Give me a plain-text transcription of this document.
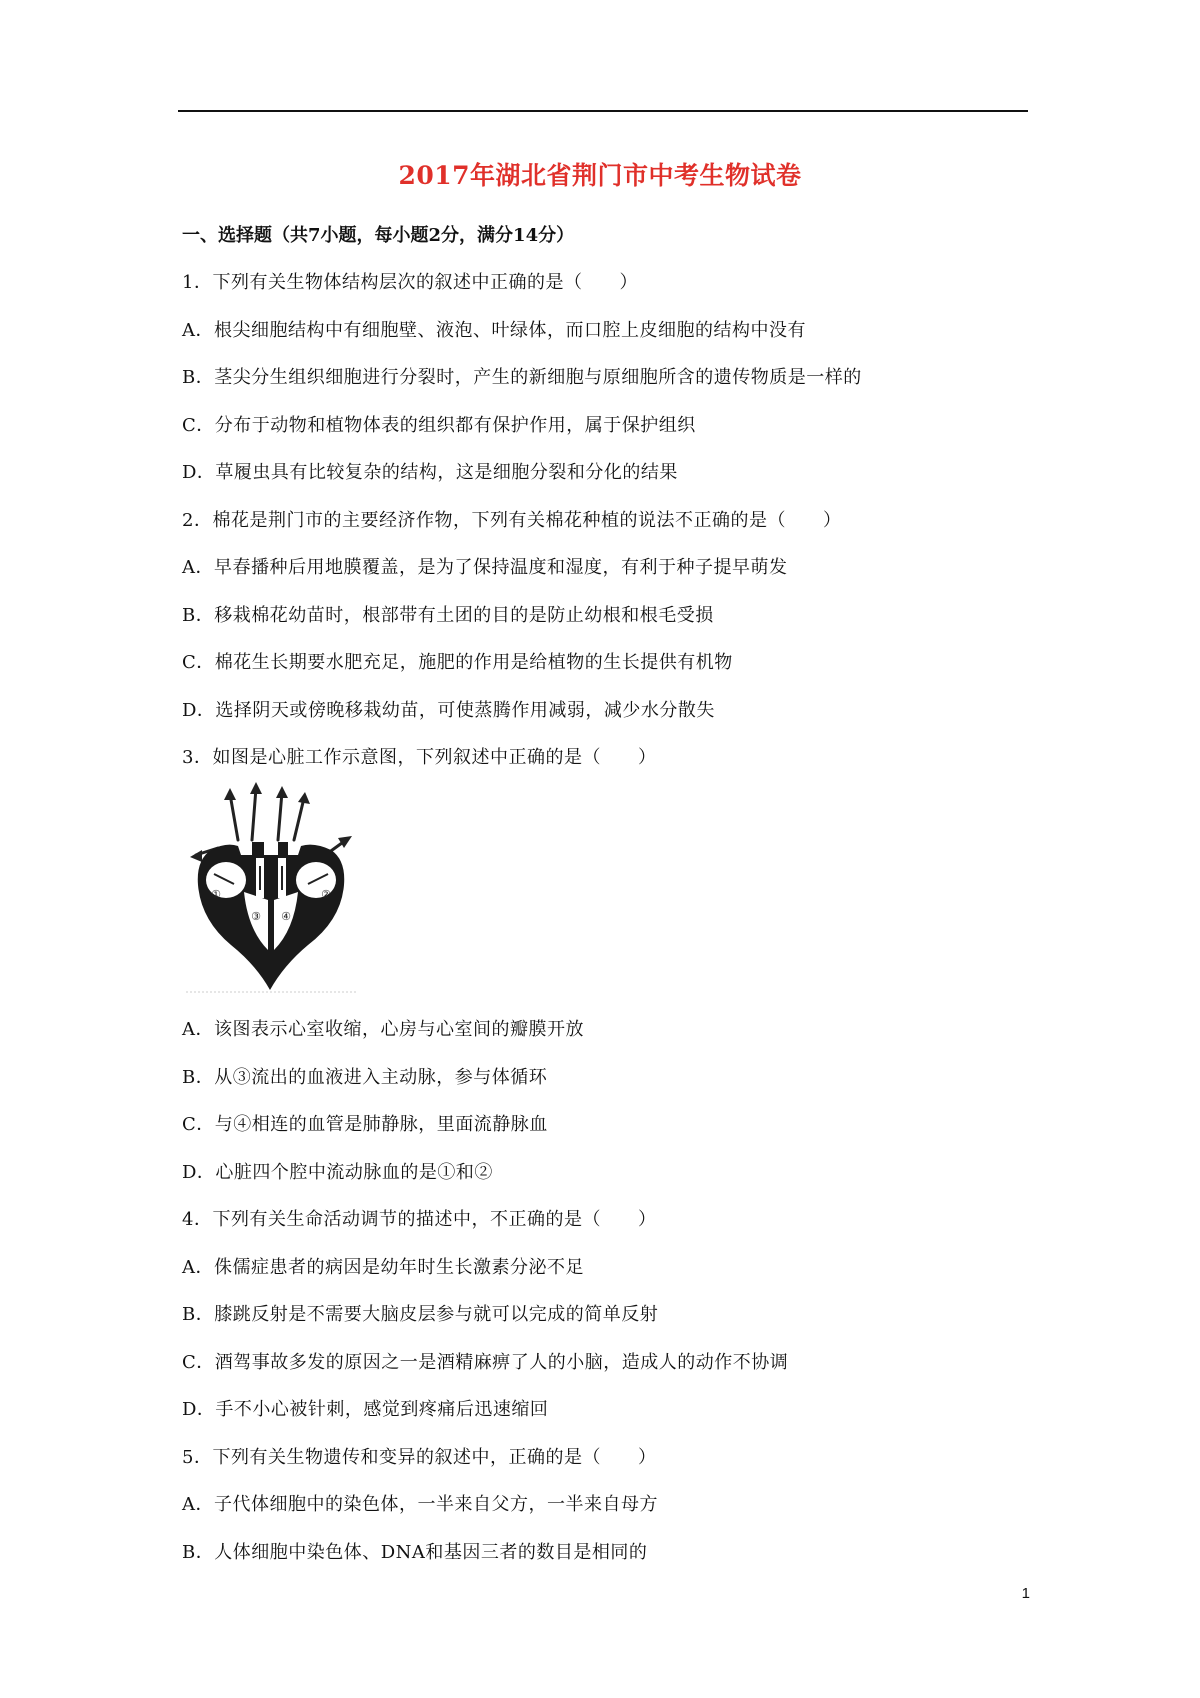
2017年湖北省荆门市中考生物试卷
一、选择题（共7小题，每小题2分，满分14分）
1．下列有关生物体结构层次的叙述中正确的是（　　）
A．根尖细胞结构中有细胞壁、液泡、叶绿体，而口腔上皮细胞的结构中没有
B．茎尖分生组织细胞进行分裂时，产生的新细胞与原细胞所含的遗传物质是一样的
C．分布于动物和植物体表的组织都有保护作用，属于保护组织
D．草履虫具有比较复杂的结构，这是细胞分裂和分化的结果
2．棉花是荆门市的主要经济作物，下列有关棉花种植的说法不正确的是（　　）
A．早春播种后用地膜覆盖，是为了保持温度和湿度，有利于种子提早萌发
B．移栽棉花幼苗时，根部带有土团的目的是防止幼根和根毛受损
C．棉花生长期要水肥充足，施肥的作用是给植物的生长提供有机物
D．选择阴天或傍晚移栽幼苗，可使蒸腾作用减弱，减少水分散失
3．如图是心脏工作示意图，下列叙述中正确的是（　　）
①	②
③ ④
A．该图表示心室收缩，心房与心室间的瓣膜开放
B．从③流出的血液进入主动脉，参与体循环
C．与④相连的血管是肺静脉，里面流静脉血
D．心脏四个腔中流动脉血的是①和②
4．下列有关生命活动调节的描述中，不正确的是（　　）
A．侏儒症患者的病因是幼年时生长激素分泌不足
B．膝跳反射是不需要大脑皮层参与就可以完成的简单反射
C．酒驾事故多发的原因之一是酒精麻痹了人的小脑，造成人的动作不协调
D．手不小心被针刺，感觉到疼痛后迅速缩回
5．下列有关生物遗传和变异的叙述中，正确的是（　　）
A．子代体细胞中的染色体，一半来自父方，一半来自母方
B．人体细胞中染色体、DNA和基因三者的数目是相同的
1
